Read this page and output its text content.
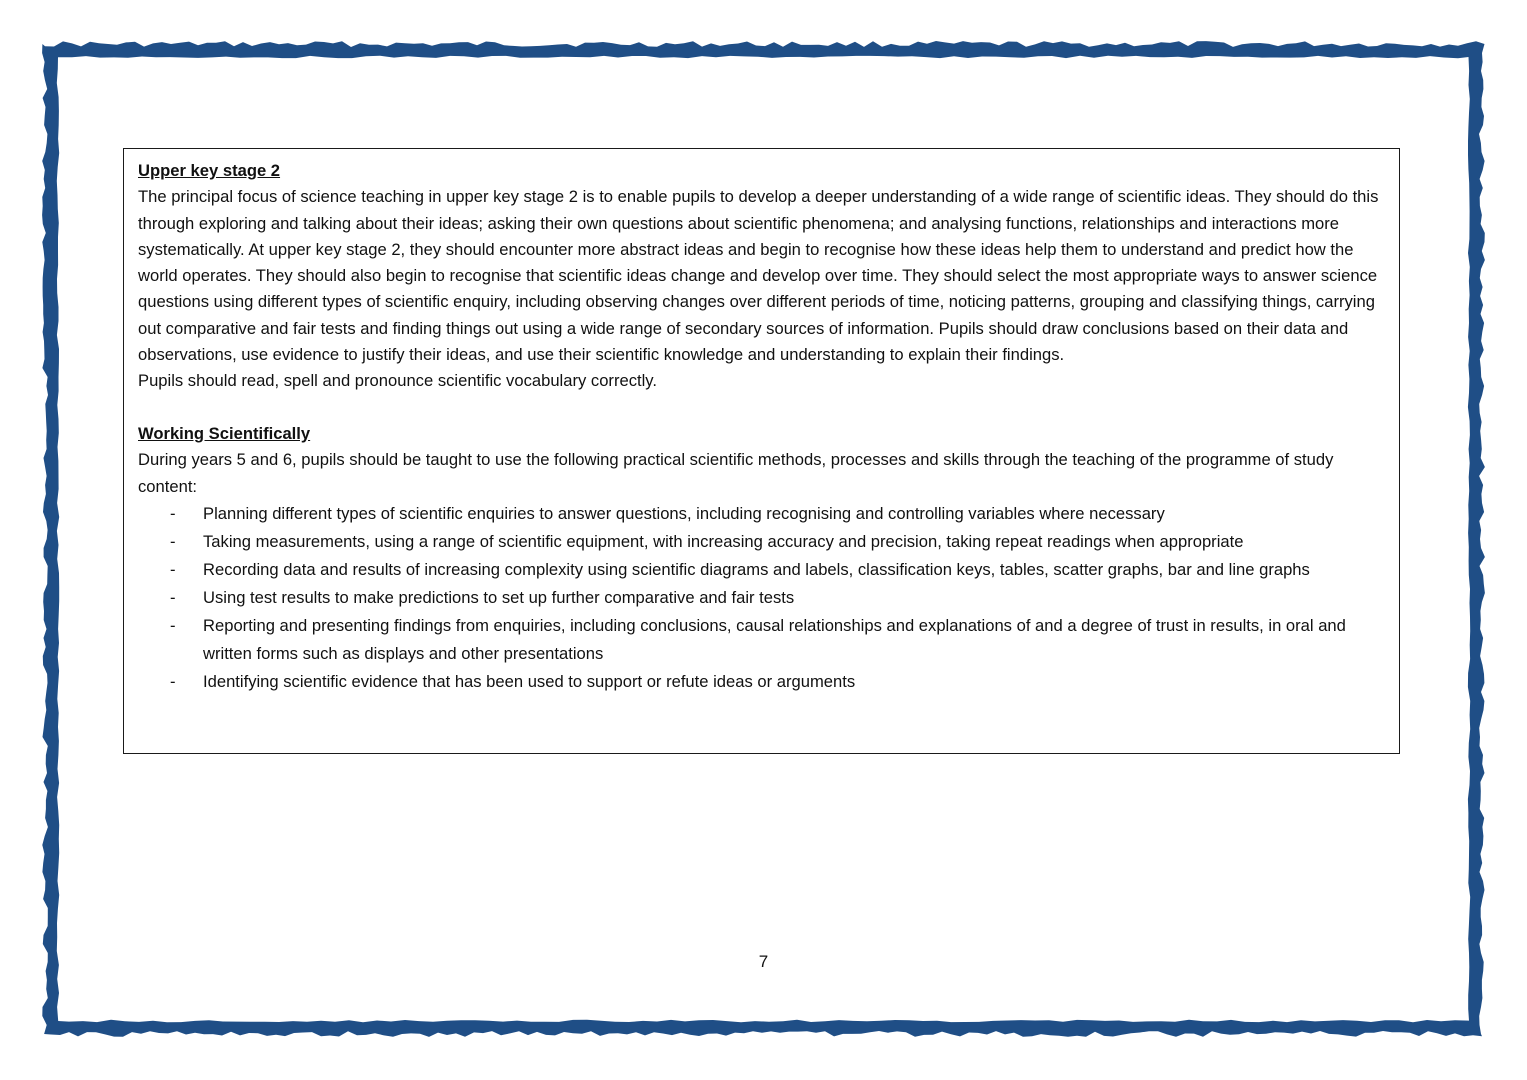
Upper key stage 2

The principal focus of science teaching in upper key stage 2 is to enable pupils to develop a deeper understanding of a wide range of scientific ideas. They should do this through exploring and talking about their ideas; asking their own questions about scientific phenomena; and analysing functions, relationships and interactions more systematically. At upper key stage 2, they should encounter more abstract ideas and begin to recognise how these ideas help them to understand and predict how the world operates. They should also begin to recognise that scientific ideas change and develop over time. They should select the most appropriate ways to answer science questions using different types of scientific enquiry, including observing changes over different periods of time, noticing patterns, grouping and classifying things, carrying out comparative and fair tests and finding things out using a wide range of secondary sources of information. Pupils should draw conclusions based on their data and observations, use evidence to justify their ideas, and use their scientific knowledge and understanding to explain their findings.

Pupils should read, spell and pronounce scientific vocabulary correctly.

Working Scientifically

During years 5 and 6, pupils should be taught to use the following practical scientific methods, processes and skills through the teaching of the programme of study content:

- Planning different types of scientific enquiries to answer questions, including recognising and controlling variables where necessary
- Taking measurements, using a range of scientific equipment, with increasing accuracy and precision, taking repeat readings when appropriate
- Recording data and results of increasing complexity using scientific diagrams and labels, classification keys, tables, scatter graphs, bar and line graphs
- Using test results to make predictions to set up further comparative and fair tests
- Reporting and presenting findings from enquiries, including conclusions, causal relationships and explanations of and a degree of trust in results, in oral and written forms such as displays and other presentations
- Identifying scientific evidence that has been used to support or refute ideas or arguments
7
